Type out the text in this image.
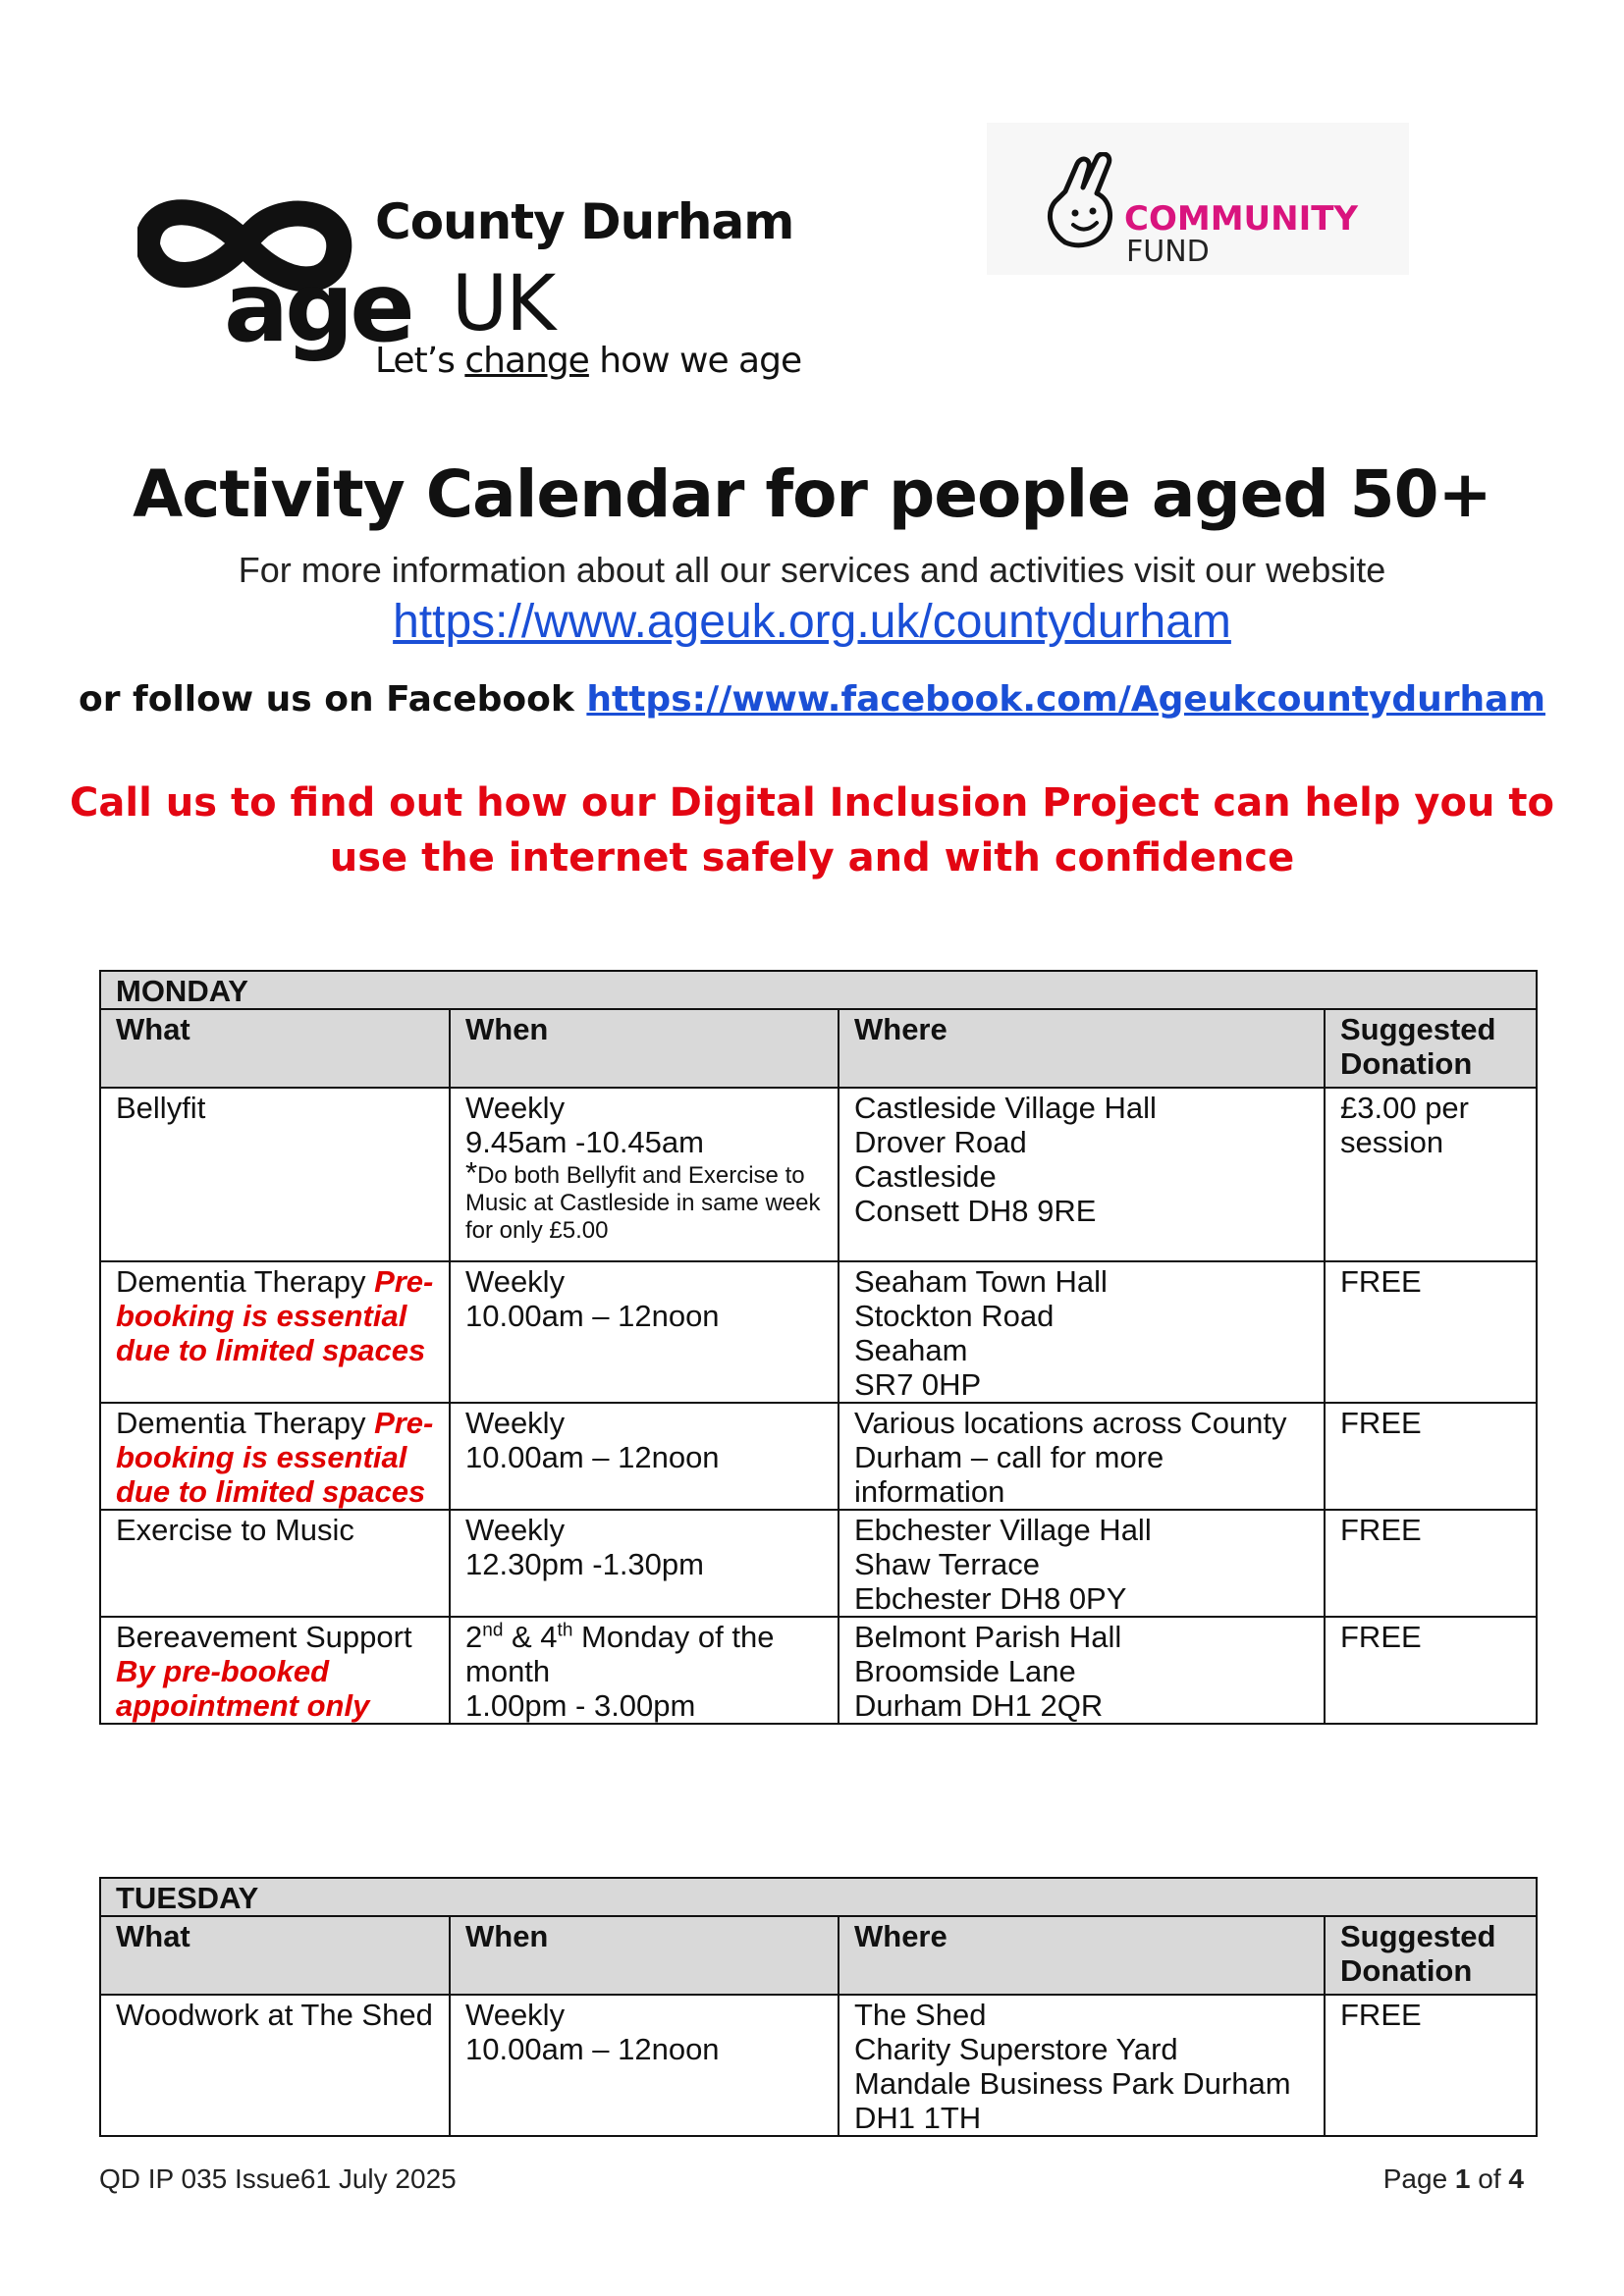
County Durham
age UK
Let’s change how we age
COMMUNITY
FUND
Activity Calendar for people aged 50+
For more information about all our services and activities visit our website
https://www.ageuk.org.uk/countydurham
or follow us on Facebook https://www.facebook.com/Ageukcountydurham
Call us to find out how our Digital Inclusion Project can help you to
use the internet safely and with confidence
MONDAY			
What	When	Where	Suggested
Donation

Bellyfit	Weekly
9.45am -10.45am
*Do both Bellyfit and Exercise to Music at Castleside in same week for only £5.00	Castleside Village Hall
Drover Road
Castleside
Consett DH8 9RE	£3.00 per session
Dementia Therapy Pre-booking is essential due to limited spaces	Weekly
10.00am – 12noon	Seaham Town Hall
Stockton Road
Seaham
SR7 0HP	FREE
Dementia Therapy Pre-booking is essential due to limited spaces	Weekly
10.00am – 12noon	Various locations across County Durham – call for more information	FREE
Exercise to Music	Weekly
12.30pm -1.30pm	Ebchester Village Hall
Shaw Terrace
Ebchester DH8 0PY	FREE

Bereavement Support
By pre-booked appointment only	2nd & 4th Monday of the month
1.00pm - 3.00pm	Belmont Parish Hall
Broomside Lane
Durham DH1 2QR	FREE
TUESDAY			
What	When	Where	Suggested
Donation

Woodwork at The Shed	Weekly
10.00am – 12noon	The Shed
Charity Superstore Yard
Mandale Business Park Durham
DH1 1TH	FREE
QD IP 035 Issue61 July 2025	Page 1 of 4
